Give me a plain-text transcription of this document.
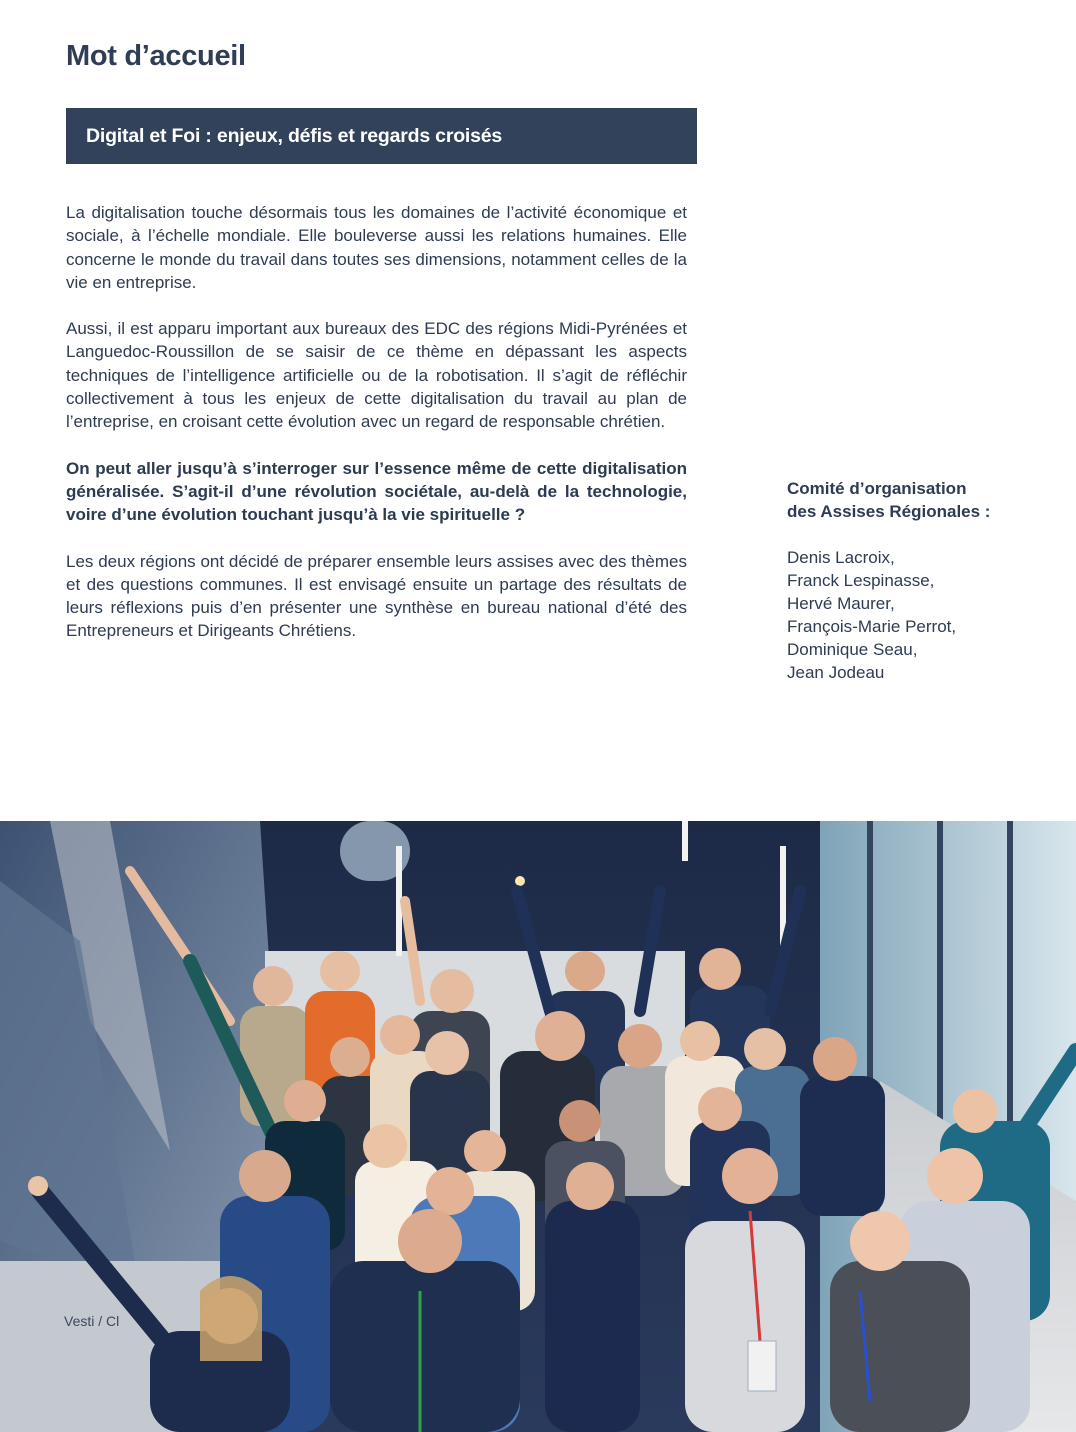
Mot d’accueil
Digital et Foi : enjeux, défis et regards croisés

La digitalisation touche désormais tous les domaines de l’activité économique et sociale, à l’échelle mondiale. Elle bouleverse aussi les relations humaines. Elle concerne le monde du travail dans toutes ses dimensions, notamment celles de la vie en entreprise.

Aussi, il est apparu important aux bureaux des EDC des régions Midi-Pyrénées et Languedoc-Roussillon de se saisir de ce thème en dépassant les aspects techniques de l’intelligence artificielle ou de la robotisation. Il s’agit de réfléchir collectivement à tous les enjeux de cette digitalisation du travail au plan de l’entreprise, en croisant cette évolution avec un regard de responsable chrétien.

On peut aller jusqu’à s’interroger sur l’essence même de cette digitalisation généralisée. S’agit-il d’une révolution sociétale, au-delà de la technologie, voire d’une évolution touchant jusqu’à la vie spirituelle ?

Les deux régions ont décidé de préparer ensemble leurs assises avec des thèmes et des questions communes. Il est envisagé ensuite un partage des résultats de leurs réflexions puis d’en présenter une synthèse en bureau national d’été des Entrepreneurs et Dirigeants Chrétiens.

Comité d’organisation
des Assises Régionales :

Denis Lacroix,
Franck Lespinasse,
Hervé Maurer,
François-Marie Perrot,
Dominique Seau,
Jean Jodeau
Vesti / Cl
